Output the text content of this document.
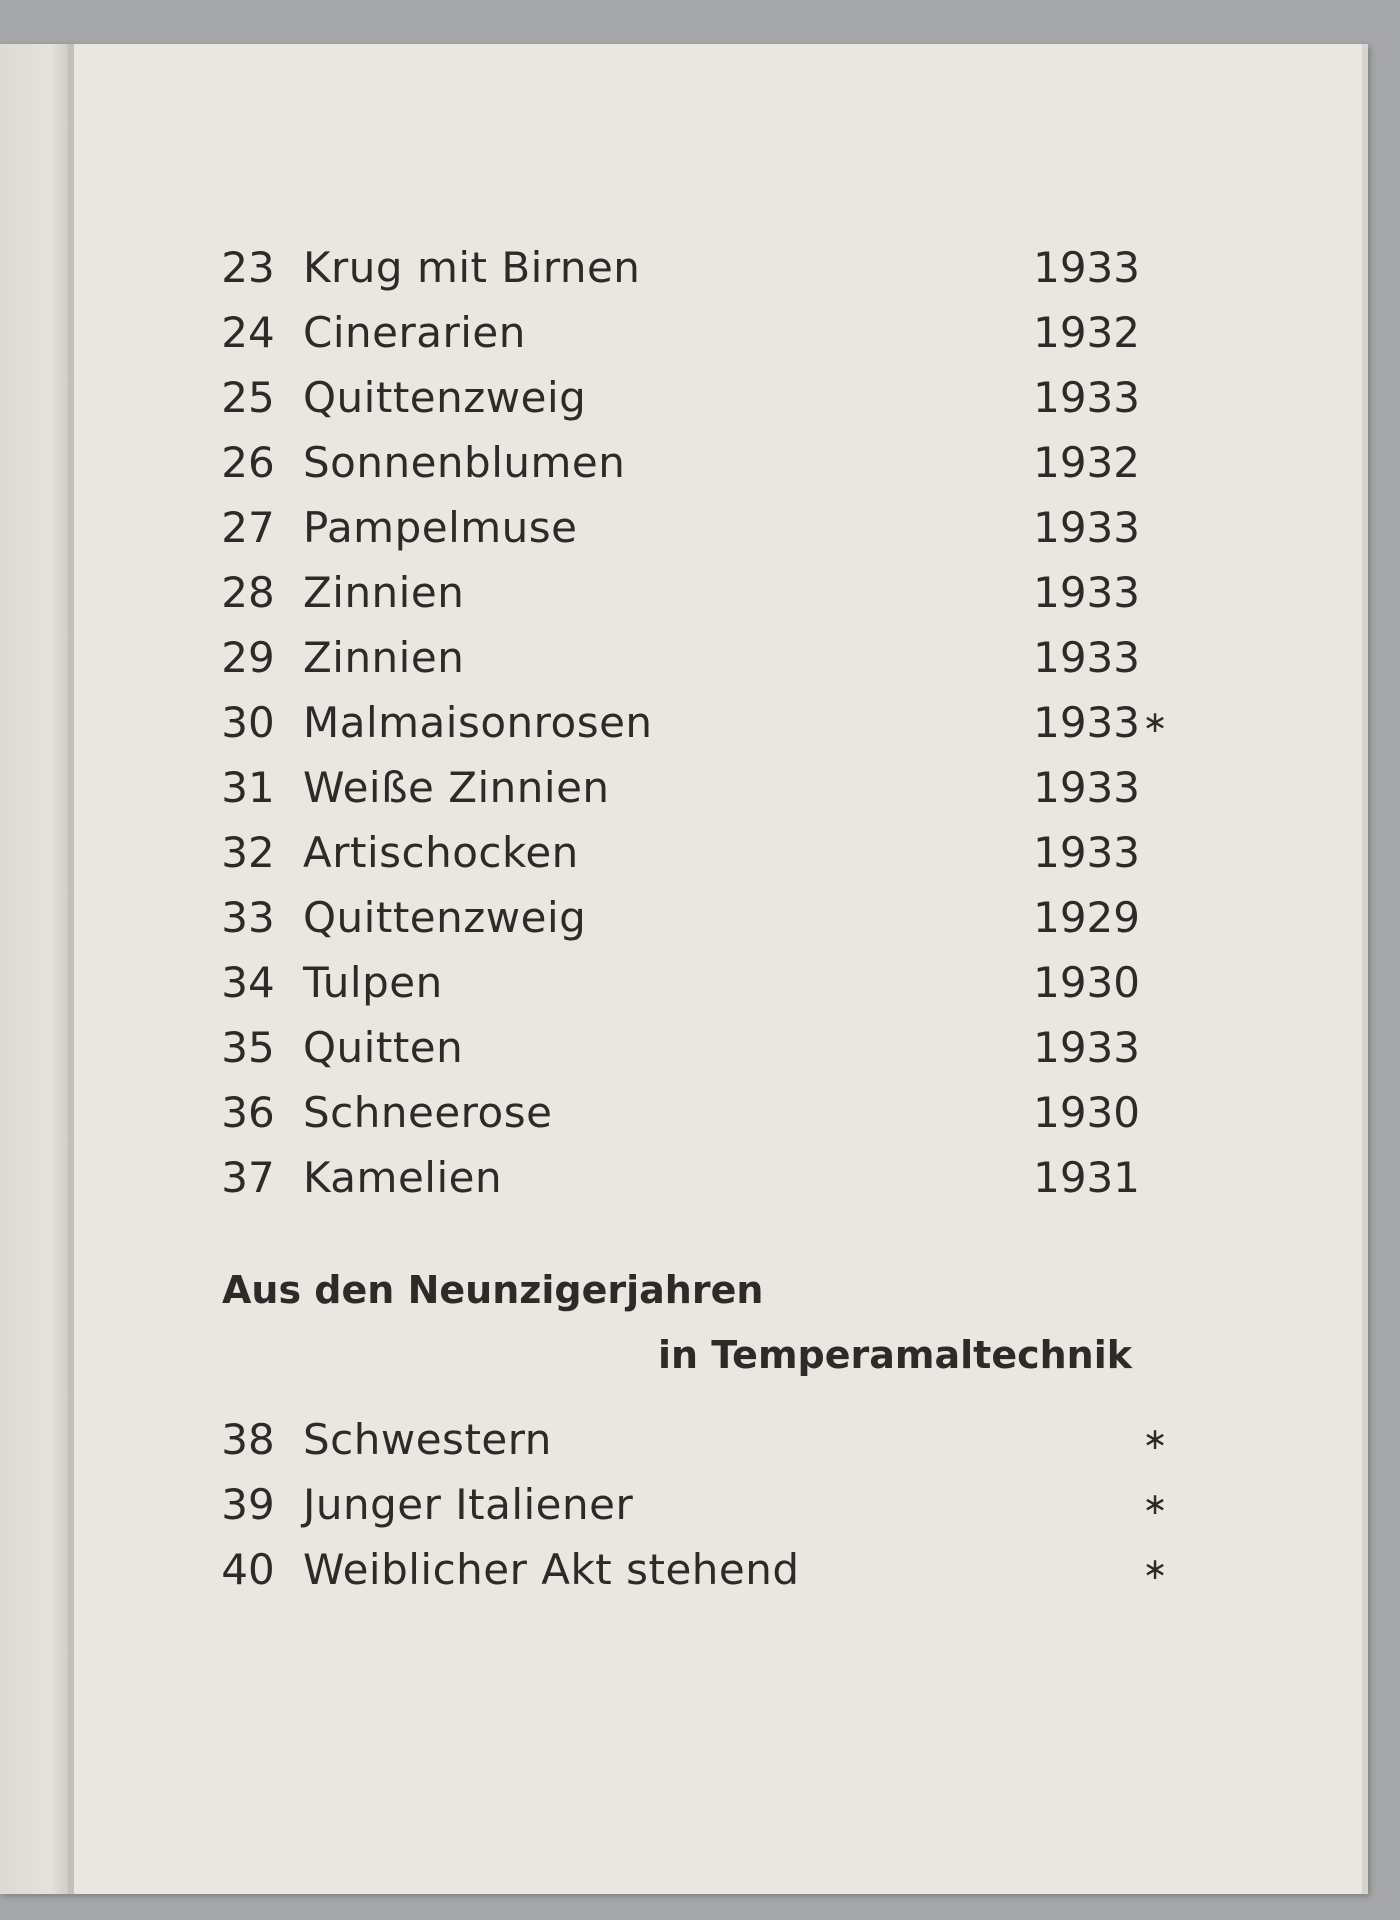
23 Krug mit Birnen	1933
24 Cinerarien	1932
25 Quittenzweig	1933
26 Sonnenblumen	1932
27 Pampelmuse	1933
28 Zinnien	1933
29 Zinnien	1933
30 Malmaisonrosen	1933 ∗
31 Weiße Zinnien	1933
32 Artischocken	1933
33 Quittenzweig	1929
34 Tulpen	1930
35 Quitten	1933
36 Schneerose	1930
37 Kamelien	1931
Aus den Neunzigerjahren
in Temperamaltechnik
38 Schwestern	∗
39 Junger Italiener	∗
40 Weiblicher Akt stehend	∗
